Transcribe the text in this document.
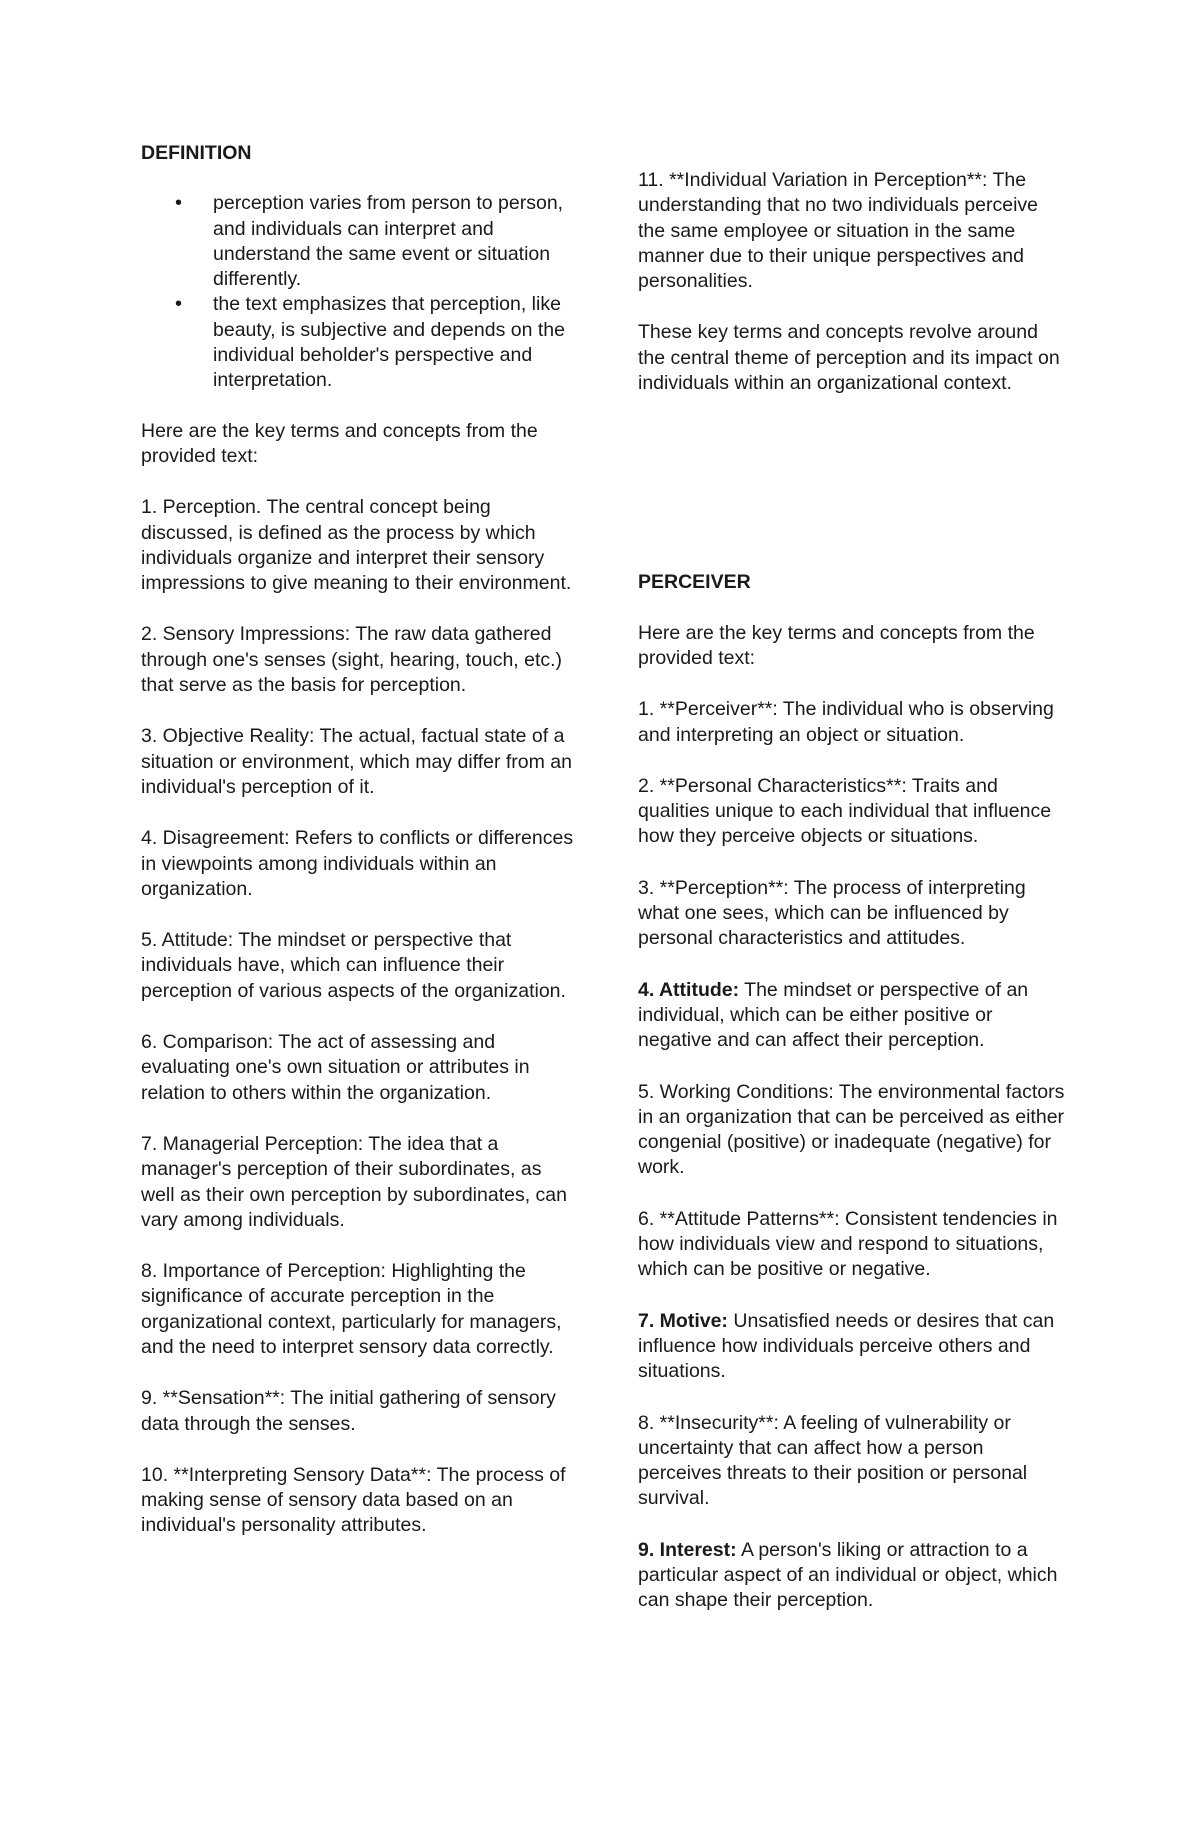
DEFINITION

• perception varies from person to person, and individuals can interpret and understand the same event or situation differently.
• the text emphasizes that perception, like beauty, is subjective and depends on the individual beholder's perspective and interpretation.

Here are the key terms and concepts from the provided text:

1. Perception. The central concept being discussed, is defined as the process by which individuals organize and interpret their sensory impressions to give meaning to their environment.

2. Sensory Impressions: The raw data gathered through one's senses (sight, hearing, touch, etc.) that serve as the basis for perception.

3. Objective Reality: The actual, factual state of a situation or environment, which may differ from an individual's perception of it.

4. Disagreement: Refers to conflicts or differences in viewpoints among individuals within an organization.

5. Attitude: The mindset or perspective that individuals have, which can influence their perception of various aspects of the organization.

6. Comparison: The act of assessing and evaluating one's own situation or attributes in relation to others within the organization.

7. Managerial Perception: The idea that a manager's perception of their subordinates, as well as their own perception by subordinates, can vary among individuals.

8. Importance of Perception: Highlighting the significance of accurate perception in the organizational context, particularly for managers, and the need to interpret sensory data correctly.

9. **Sensation**: The initial gathering of sensory data through the senses.

10. **Interpreting Sensory Data**: The process of making sense of sensory data based on an individual's personality attributes.

11. **Individual Variation in Perception**: The understanding that no two individuals perceive the same employee or situation in the same manner due to their unique perspectives and personalities.

These key terms and concepts revolve around the central theme of perception and its impact on individuals within an organizational context.

PERCEIVER

Here are the key terms and concepts from the provided text:

1. **Perceiver**: The individual who is observing and interpreting an object or situation.

2. **Personal Characteristics**: Traits and qualities unique to each individual that influence how they perceive objects or situations.

3. **Perception**: The process of interpreting what one sees, which can be influenced by personal characteristics and attitudes.

4. Attitude: The mindset or perspective of an individual, which can be either positive or negative and can affect their perception.

5. Working Conditions: The environmental factors in an organization that can be perceived as either congenial (positive) or inadequate (negative) for work.

6. **Attitude Patterns**: Consistent tendencies in how individuals view and respond to situations, which can be positive or negative.

7. Motive: Unsatisfied needs or desires that can influence how individuals perceive others and situations.

8. **Insecurity**: A feeling of vulnerability or uncertainty that can affect how a person perceives threats to their position or personal survival.

9. Interest: A person's liking or attraction to a particular aspect of an individual or object, which can shape their perception.
